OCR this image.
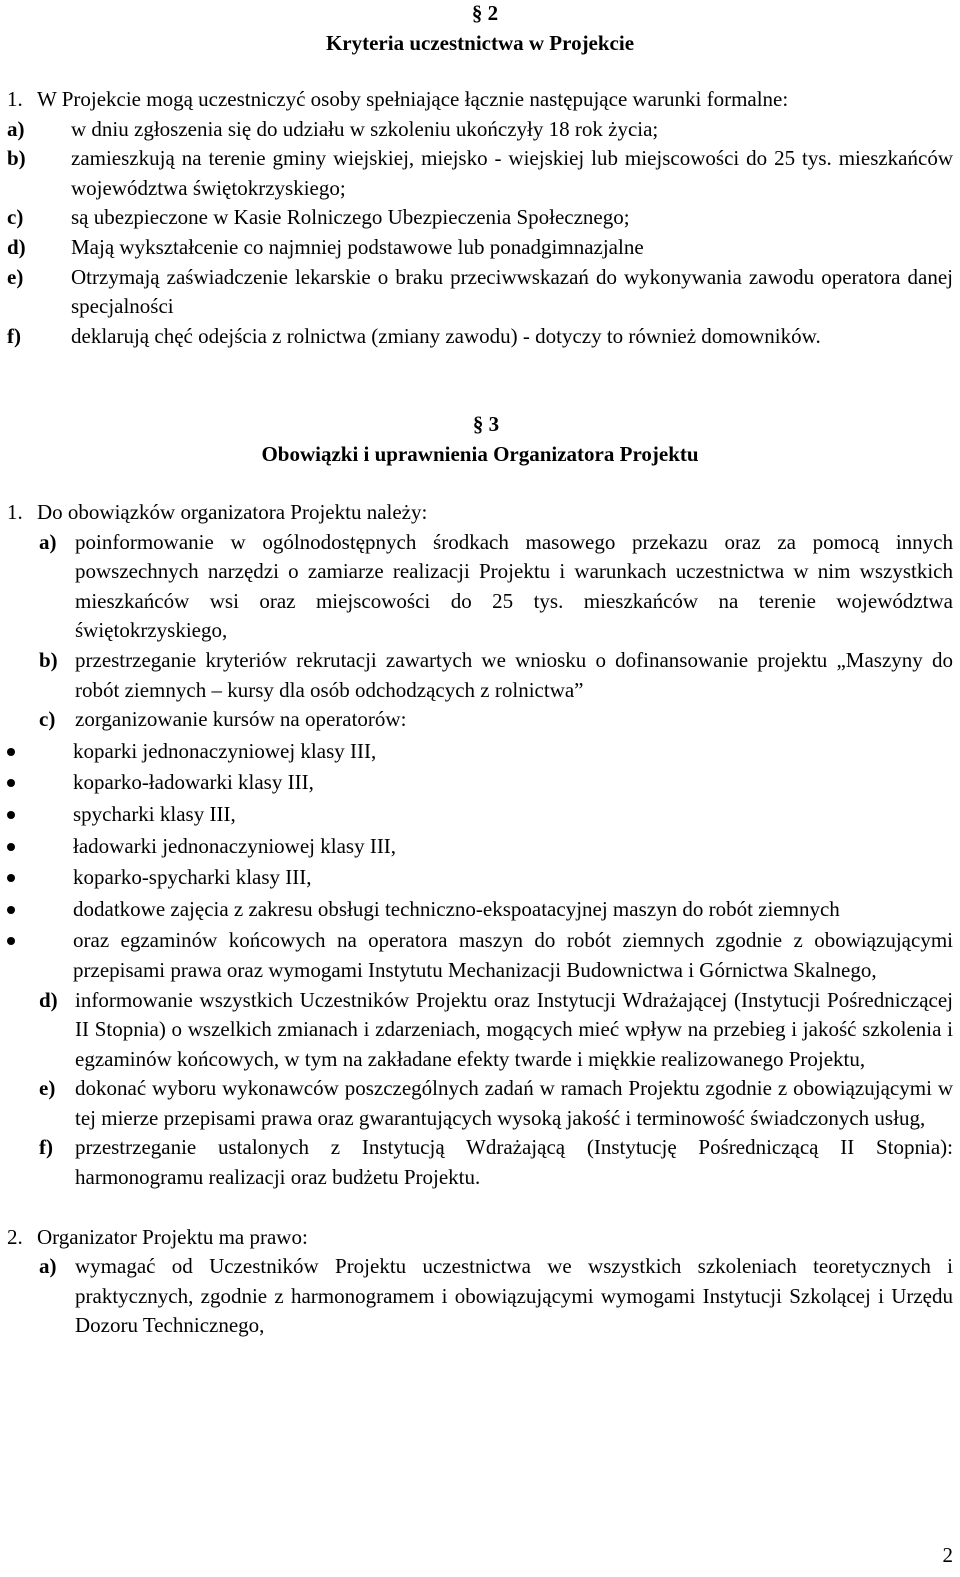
§ 2
Kryteria uczestnictwa w Projekcie
1. W Projekcie mogą uczestniczyć osoby spełniające łącznie następujące warunki formalne:
a) w dniu zgłoszenia się do udziału w szkoleniu ukończyły 18 rok życia;
b) zamieszkują na terenie gminy wiejskiej, miejsko - wiejskiej lub miejscowości do 25 tys. mieszkańców województwa świętokrzyskiego;
c) są ubezpieczone w Kasie Rolniczego Ubezpieczenia Społecznego;
d) Mają wykształcenie co najmniej podstawowe lub ponadgimnazjalne
e) Otrzymają zaświadczenie lekarskie o braku przeciwwskazań do wykonywania zawodu operatora danej specjalności
f) deklarują chęć odejścia z rolnictwa (zmiany zawodu) - dotyczy to również domowników.
§ 3
Obowiązki i uprawnienia Organizatora Projektu
1. Do obowiązków organizatora Projektu należy:
a) poinformowanie w ogólnodostępnych środkach masowego przekazu oraz za pomocą innych powszechnych narzędzi o zamiarze realizacji Projektu i warunkach uczestnictwa w nim wszystkich mieszkańców wsi oraz miejscowości do 25 tys. mieszkańców na terenie województwa świętokrzyskiego,
b) przestrzeganie kryteriów rekrutacji zawartych we wniosku o dofinansowanie projektu „Maszyny do robót ziemnych – kursy dla osób odchodzących z rolnictwa”
c) zorganizowanie kursów na operatorów:
koparki jednonaczyniowej klasy III,
koparko-ładowarki klasy III,
spycharki klasy III,
ładowarki jednonaczyniowej klasy III,
koparko-spycharki klasy III,
dodatkowe zajęcia z zakresu obsługi techniczno-ekspoatacyjnej maszyn do robót ziemnych
oraz egzaminów końcowych na operatora maszyn do robót ziemnych zgodnie z obowiązującymi przepisami prawa oraz wymogami Instytutu Mechanizacji Budownictwa i Górnictwa Skalnego,
d) informowanie wszystkich Uczestników Projektu oraz Instytucji Wdrażającej (Instytucji Pośredniczącej II Stopnia) o wszelkich zmianach i zdarzeniach, mogących mieć wpływ na przebieg i jakość szkolenia i egzaminów końcowych, w tym na zakładane efekty twarde i miękkie realizowanego Projektu,
e) dokonać wyboru wykonawców poszczególnych zadań w ramach Projektu zgodnie z obowiązującymi w tej mierze przepisami prawa oraz gwarantujących wysoką jakość i terminowość świadczonych usług,
f) przestrzeganie ustalonych z Instytucją Wdrażającą (Instytucję Pośredniczącą II Stopnia): harmonogramu realizacji oraz budżetu Projektu.
2. Organizator Projektu ma prawo:
a) wymagać od Uczestników Projektu uczestnictwa we wszystkich szkoleniach teoretycznych i praktycznych, zgodnie z harmonogramem i obowiązującymi wymogami Instytucji Szkolącej i Urzędu Dozoru Technicznego,
2
